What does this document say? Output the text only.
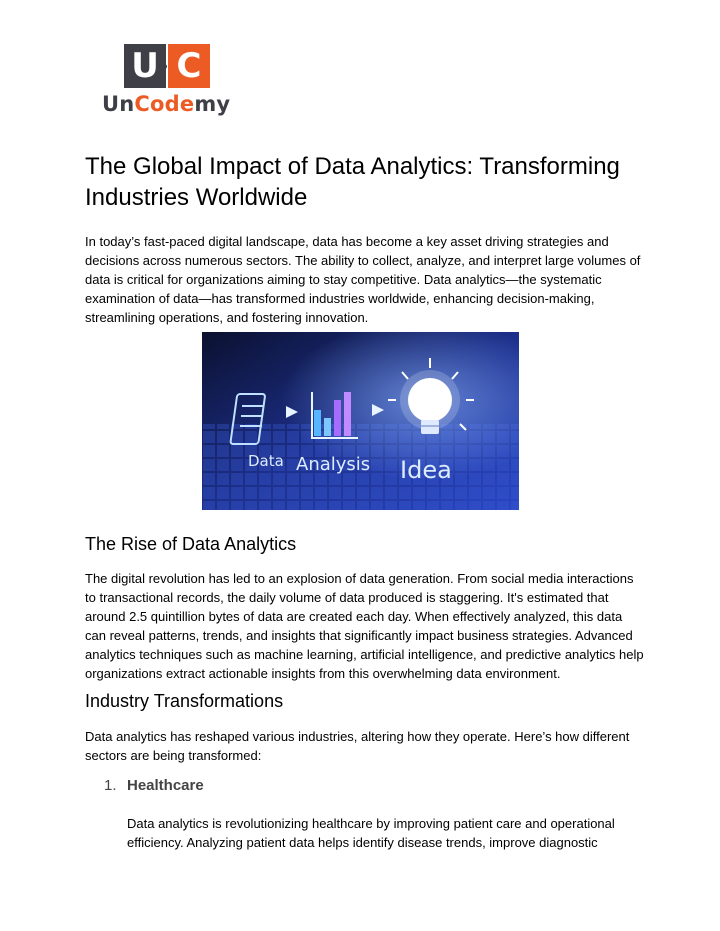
U C
UnCodemy
The Global Impact of Data Analytics: Transforming Industries Worldwide

In today’s fast-paced digital landscape, data has become a key asset driving strategies and decisions across numerous sectors. The ability to collect, analyze, and interpret large volumes of data is critical for organizations aiming to stay competitive. Data analytics—the systematic examination of data—has transformed industries worldwide, enhancing decision-making, streamlining operations, and fostering innovation.

Data Analysis Idea
The Rise of Data Analytics

The digital revolution has led to an explosion of data generation. From social media interactions to transactional records, the daily volume of data produced is staggering. It's estimated that around 2.5 quintillion bytes of data are created each day. When effectively analyzed, this data can reveal patterns, trends, and insights that significantly impact business strategies. Advanced analytics techniques such as machine learning, artificial intelligence, and predictive analytics help organizations extract actionable insights from this overwhelming data environment.

Industry Transformations

Data analytics has reshaped various industries, altering how they operate. Here’s how different sectors are being transformed:

1. Healthcare

Data analytics is revolutionizing healthcare by improving patient care and operational efficiency. Analyzing patient data helps identify disease trends, improve diagnostic
